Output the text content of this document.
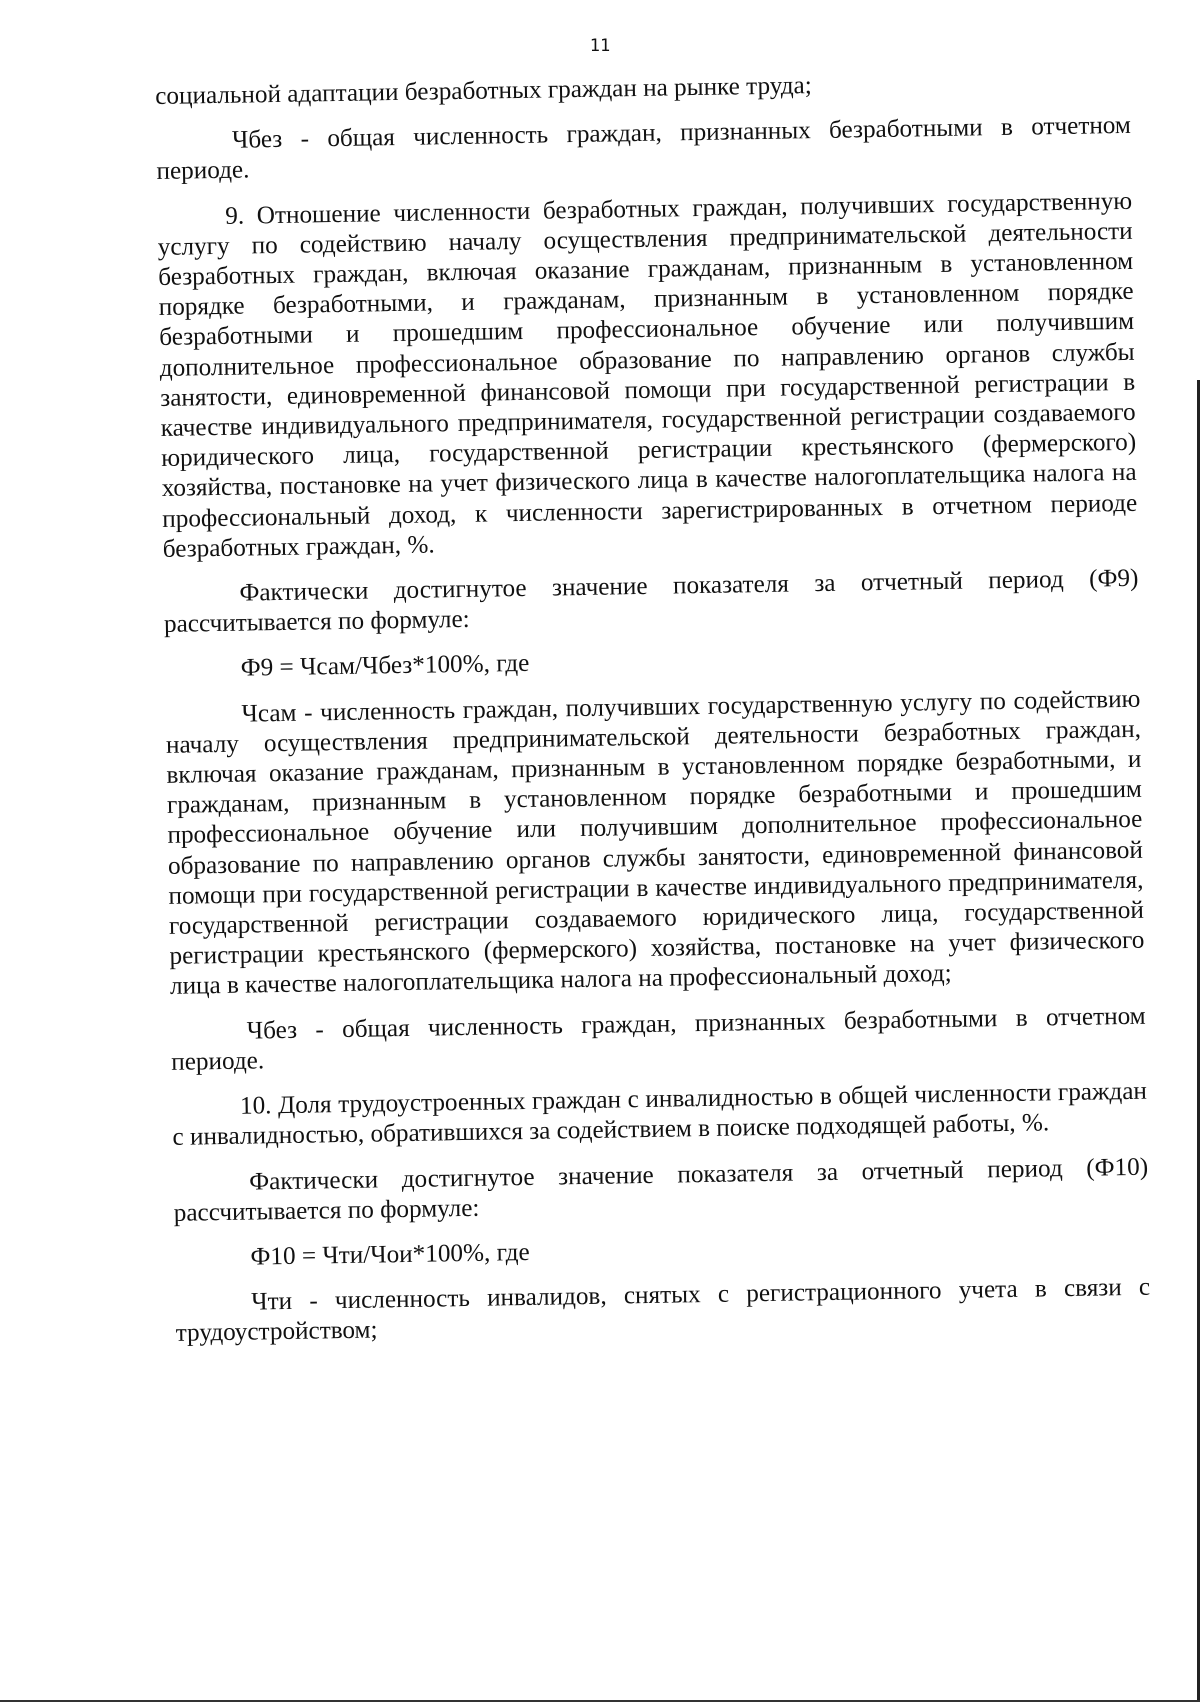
11

социальной адаптации безработных граждан на рынке труда;

Чбез - общая численность граждан, признанных безработными в отчетном периоде.

9. Отношение численности безработных граждан, получивших государственную услугу по содействию началу осуществления предпринимательской деятельности безработных граждан, включая оказание гражданам, признанным в установленном порядке безработными, и гражданам, признанным в установленном порядке безработными и прошедшим профессиональное обучение или получившим дополнительное профессиональное образование по направлению органов службы занятости, единовременной финансовой помощи при государственной регистрации в качестве индивидуального предпринимателя, государственной регистрации создаваемого юридического лица, государственной регистрации крестьянского (фермерского) хозяйства, постановке на учет физического лица в качестве налогоплательщика налога на профессиональный доход, к численности зарегистрированных в отчетном периоде безработных граждан, %.

Фактически достигнутое значение показателя за отчетный период (Ф9) рассчитывается по формуле:

Ф9 = Чсам/Чбез*100%, где

Чсам - численность граждан, получивших государственную услугу по содействию началу осуществления предпринимательской деятельности безработных граждан, включая оказание гражданам, признанным в установленном порядке безработными, и гражданам, признанным в установленном порядке безработными и прошедшим профессиональное обучение или получившим дополнительное профессиональное образование по направлению органов службы занятости, единовременной финансовой помощи при государственной регистрации в качестве индивидуального предпринимателя, государственной регистрации создаваемого юридического лица, государственной регистрации крестьянского (фермерского) хозяйства, постановке на учет физического лица в качестве налогоплательщика налога на профессиональный доход;

Чбез - общая численность граждан, признанных безработными в отчетном периоде.

10. Доля трудоустроенных граждан с инвалидностью в общей численности граждан с инвалидностью, обратившихся за содействием в поиске подходящей работы, %.

Фактически достигнутое значение показателя за отчетный период (Ф10) рассчитывается по формуле:

Ф10 = Чти/Чои*100%, где

Чти - численность инвалидов, снятых с регистрационного учета в связи с трудоустройством;
